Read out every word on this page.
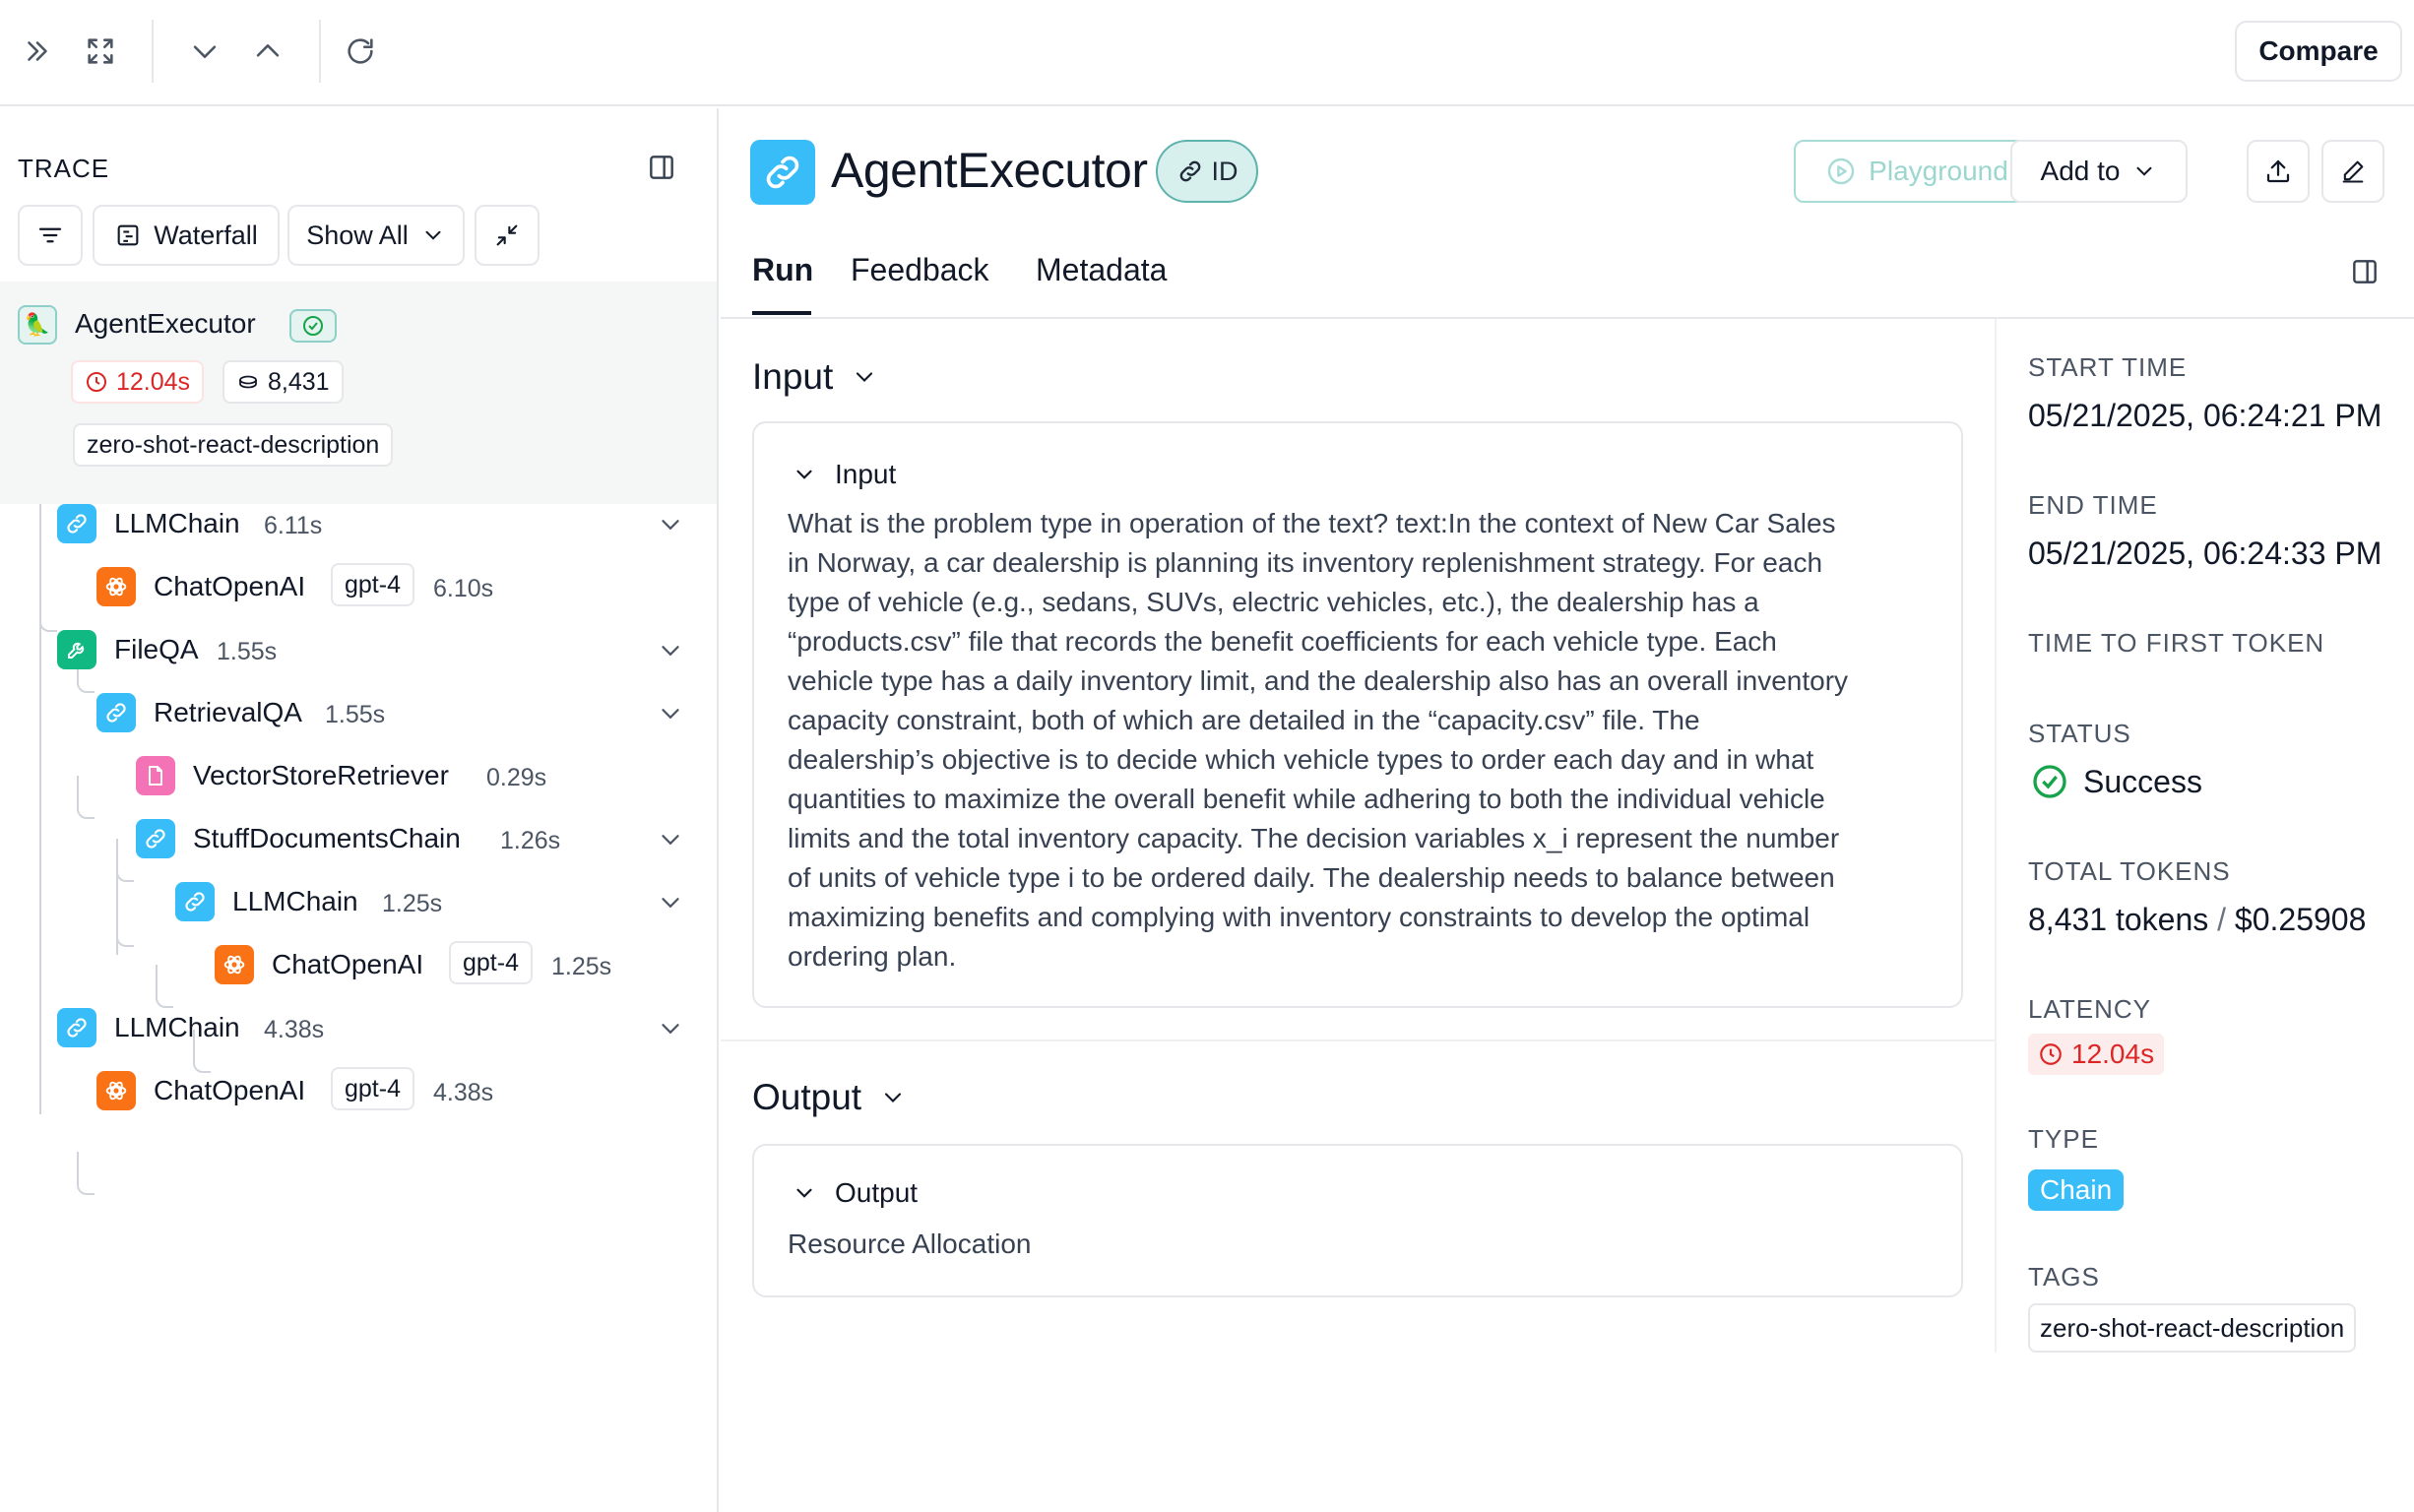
Compare
TRACE
Waterfall Show All
🦜 AgentExecutor
12.04s	8,431
zero-shot-react-description
LLMChain 6.11s
ChatOpenAI	gpt-4	6.10s
FileQA 1.55s
RetrievalQA 1.55s
VectorStoreRetriever 0.29s
StuffDocumentsChain 1.26s
LLMChain 1.25s
ChatOpenAI	gpt-4	1.25s
LLMChain 4.38s
ChatOpenAI	gpt-4	4.38s
AgentExecutor ID	Playground Add to
Run Feedback Metadata
Input
Input
What is the problem type in operation of the text? text:In the context of New Car Sales
in Norway, a car dealership is planning its inventory replenishment strategy. For each
type of vehicle (e.g., sedans, SUVs, electric vehicles, etc.), the dealership has a
“products.csv” file that records the benefit coefficients for each vehicle type. Each
vehicle type has a daily inventory limit, and the dealership also has an overall inventory
capacity constraint, both of which are detailed in the “capacity.csv” file. The
dealership’s objective is to decide which vehicle types to order each day and in what
quantities to maximize the overall benefit while adhering to both the individual vehicle
limits and the total inventory capacity. The decision variables x_i represent the number
of units of vehicle type i to be ordered daily. The dealership needs to balance between
maximizing benefits and complying with inventory constraints to develop the optimal
ordering plan.
Output
Output
Resource Allocation
START TIME
05/21/2025, 06:24:21 PM
END TIME
05/21/2025, 06:24:33 PM
TIME TO FIRST TOKEN
STATUS
Success
TOTAL TOKENS
8,431 tokens / $0.25908
LATENCY
12.04s
TYPE
Chain
TAGS
zero-shot-react-description
